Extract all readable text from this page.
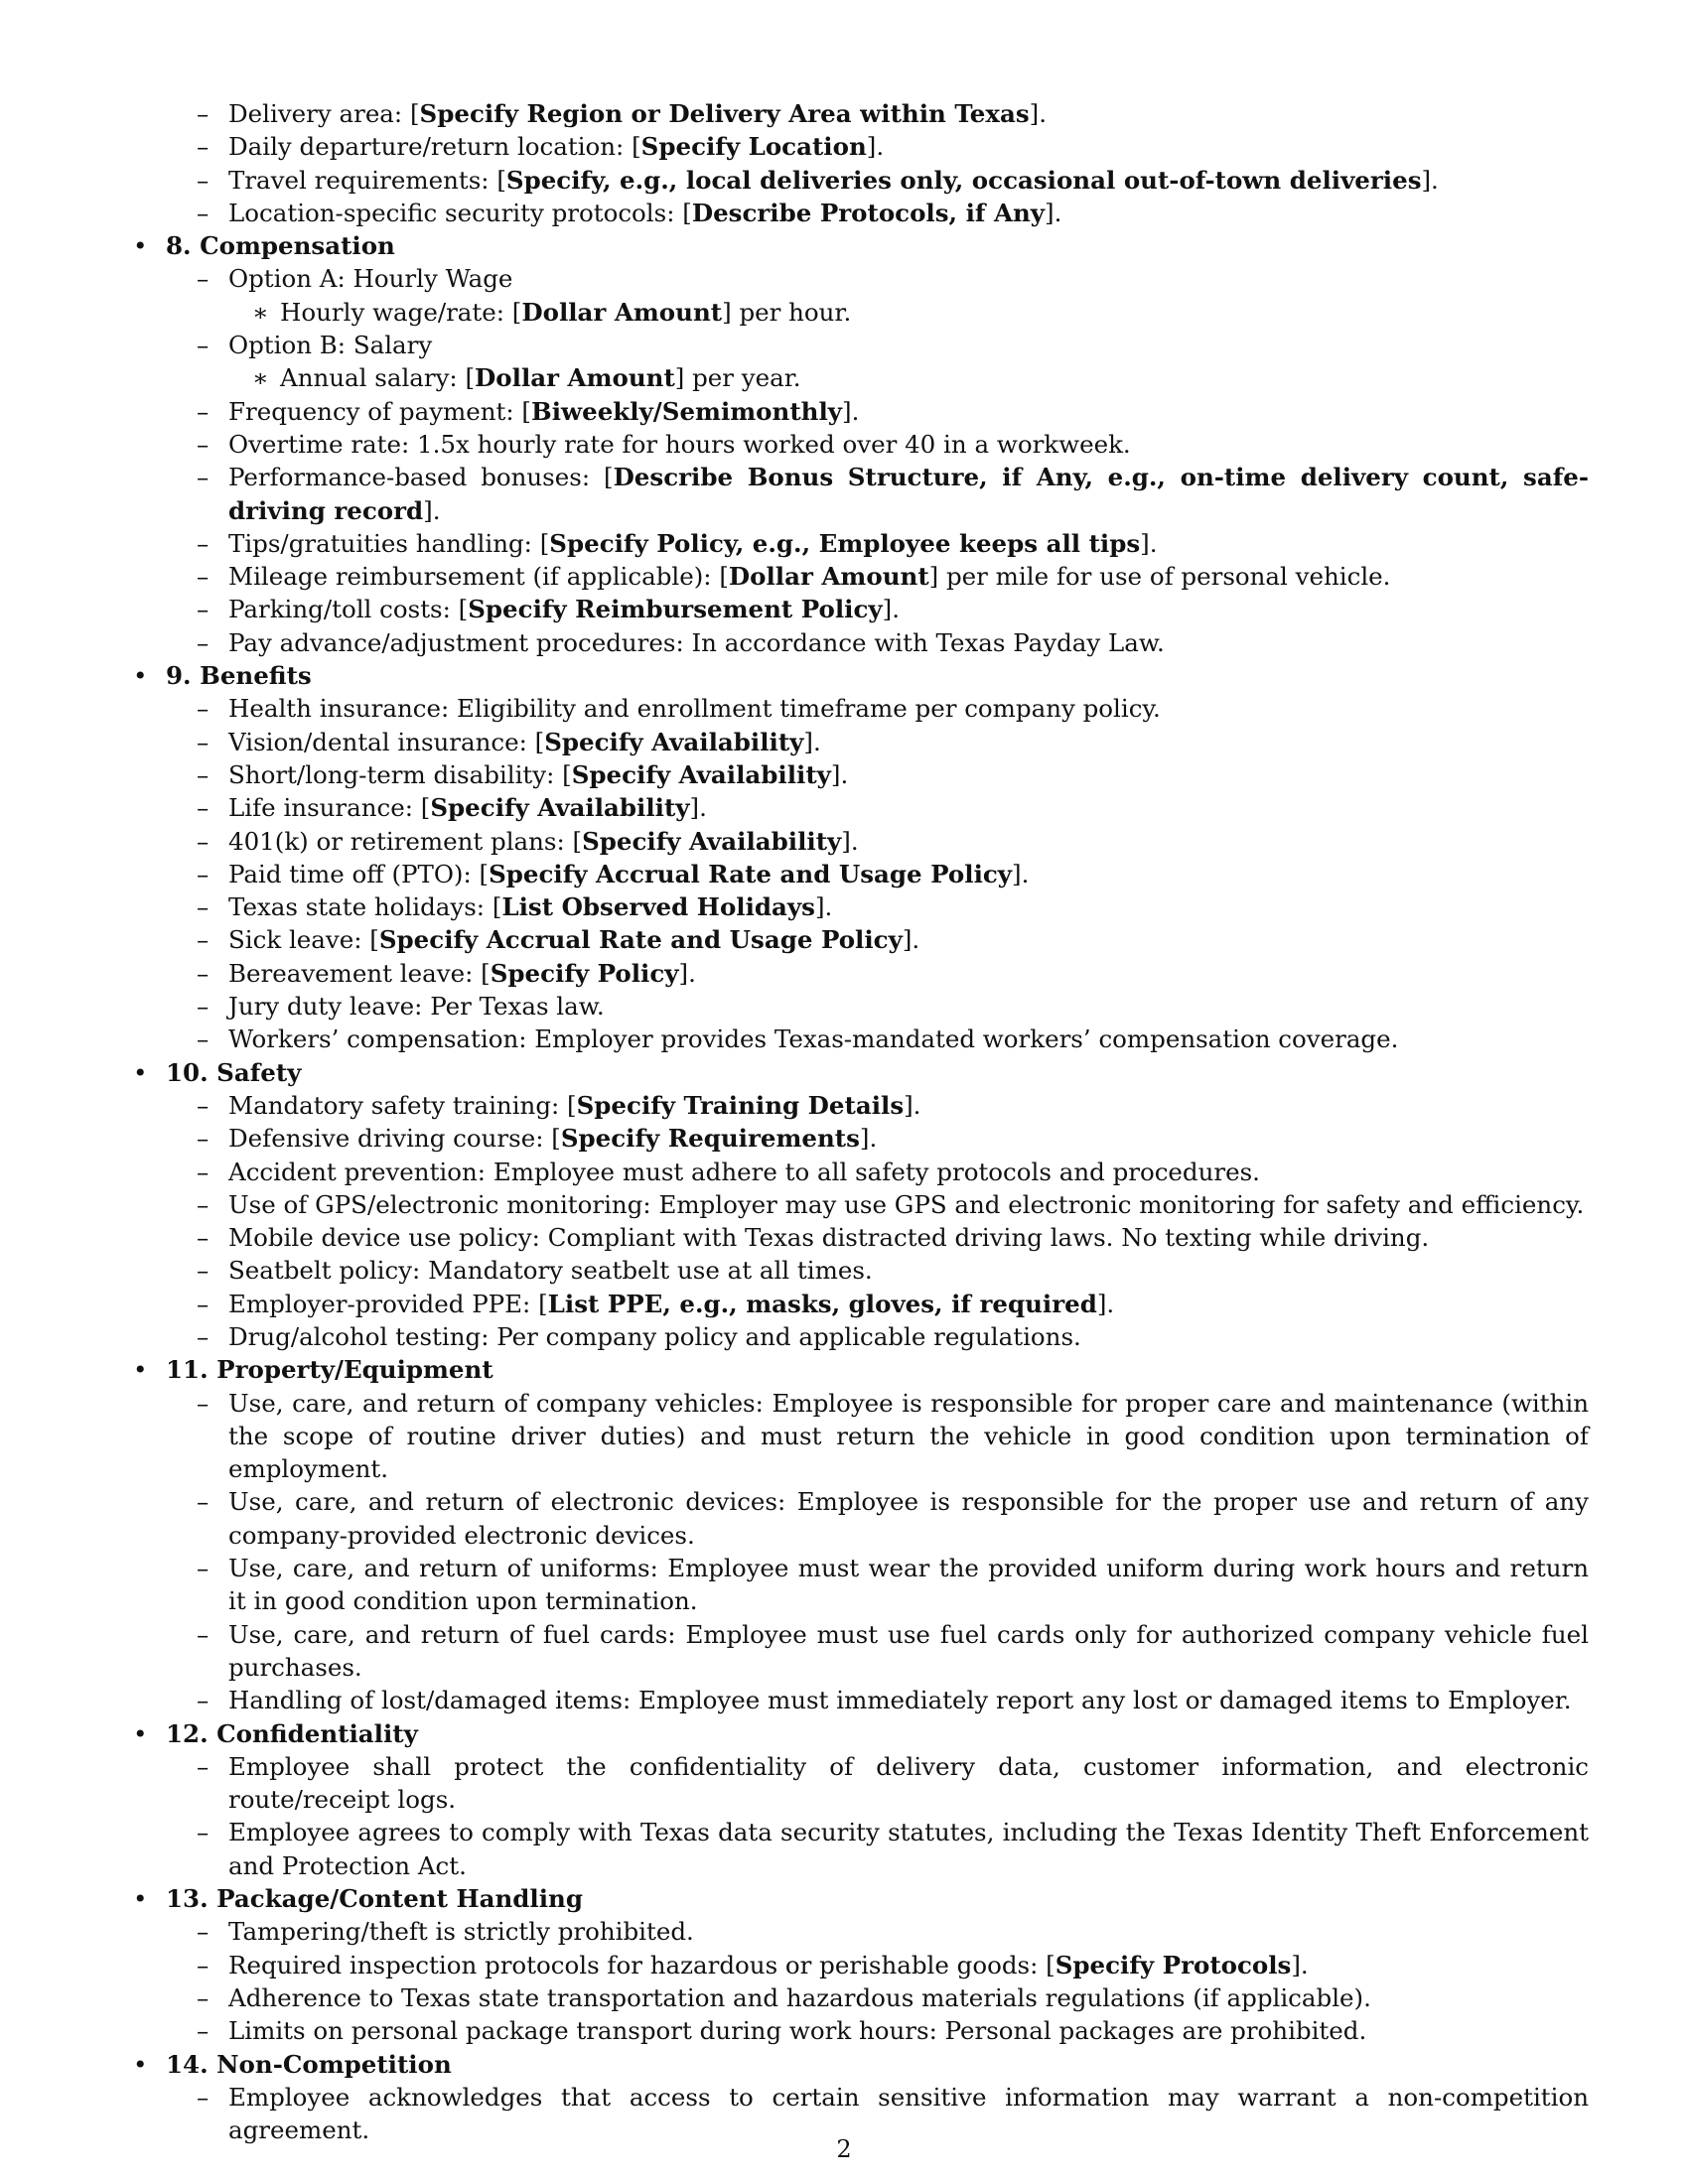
– Delivery area: [Specify Region or Delivery Area within Texas].
– Daily departure/return location: [Specify Location].
– Travel requirements: [Specify, e.g., local deliveries only, occasional out-of-town deliveries].
– Location-specific security protocols: [Describe Protocols, if Any].
• 8. Compensation
– Option A: Hourly Wage
∗ Hourly wage/rate: [Dollar Amount] per hour.
– Option B: Salary
∗ Annual salary: [Dollar Amount] per year.
– Frequency of payment: [Biweekly/Semimonthly].
– Overtime rate: 1.5x hourly rate for hours worked over 40 in a workweek.
– Performance-based bonuses: [Describe Bonus Structure, if Any, e.g., on-time delivery count, safe-driving record].
– Tips/gratuities handling: [Specify Policy, e.g., Employee keeps all tips].
– Mileage reimbursement (if applicable): [Dollar Amount] per mile for use of personal vehicle.
– Parking/toll costs: [Specify Reimbursement Policy].
– Pay advance/adjustment procedures: In accordance with Texas Payday Law.
• 9. Benefits
– Health insurance: Eligibility and enrollment timeframe per company policy.
– Vision/dental insurance: [Specify Availability].
– Short/long-term disability: [Specify Availability].
– Life insurance: [Specify Availability].
– 401(k) or retirement plans: [Specify Availability].
– Paid time off (PTO): [Specify Accrual Rate and Usage Policy].
– Texas state holidays: [List Observed Holidays].
– Sick leave: [Specify Accrual Rate and Usage Policy].
– Bereavement leave: [Specify Policy].
– Jury duty leave: Per Texas law.
– Workers’ compensation: Employer provides Texas-mandated workers’ compensation coverage.
• 10. Safety
– Mandatory safety training: [Specify Training Details].
– Defensive driving course: [Specify Requirements].
– Accident prevention: Employee must adhere to all safety protocols and procedures.
– Use of GPS/electronic monitoring: Employer may use GPS and electronic monitoring for safety and efficiency.
– Mobile device use policy: Compliant with Texas distracted driving laws. No texting while driving.
– Seatbelt policy: Mandatory seatbelt use at all times.
– Employer-provided PPE: [List PPE, e.g., masks, gloves, if required].
– Drug/alcohol testing: Per company policy and applicable regulations.
• 11. Property/Equipment
– Use, care, and return of company vehicles: Employee is responsible for proper care and maintenance (within the scope of routine driver duties) and must return the vehicle in good condition upon termination of employment.
– Use, care, and return of electronic devices: Employee is responsible for the proper use and return of any company-provided electronic devices.
– Use, care, and return of uniforms: Employee must wear the provided uniform during work hours and return it in good condition upon termination.
– Use, care, and return of fuel cards: Employee must use fuel cards only for authorized company vehicle fuel purchases.
– Handling of lost/damaged items: Employee must immediately report any lost or damaged items to Employer.
• 12. Confidentiality
– Employee shall protect the confidentiality of delivery data, customer information, and electronic route/receipt logs.
– Employee agrees to comply with Texas data security statutes, including the Texas Identity Theft Enforcement and Protection Act.
• 13. Package/Content Handling
– Tampering/theft is strictly prohibited.
– Required inspection protocols for hazardous or perishable goods: [Specify Protocols].
– Adherence to Texas state transportation and hazardous materials regulations (if applicable).
– Limits on personal package transport during work hours: Personal packages are prohibited.
• 14. Non-Competition
– Employee acknowledges that access to certain sensitive information may warrant a non-competition agreement.
2
